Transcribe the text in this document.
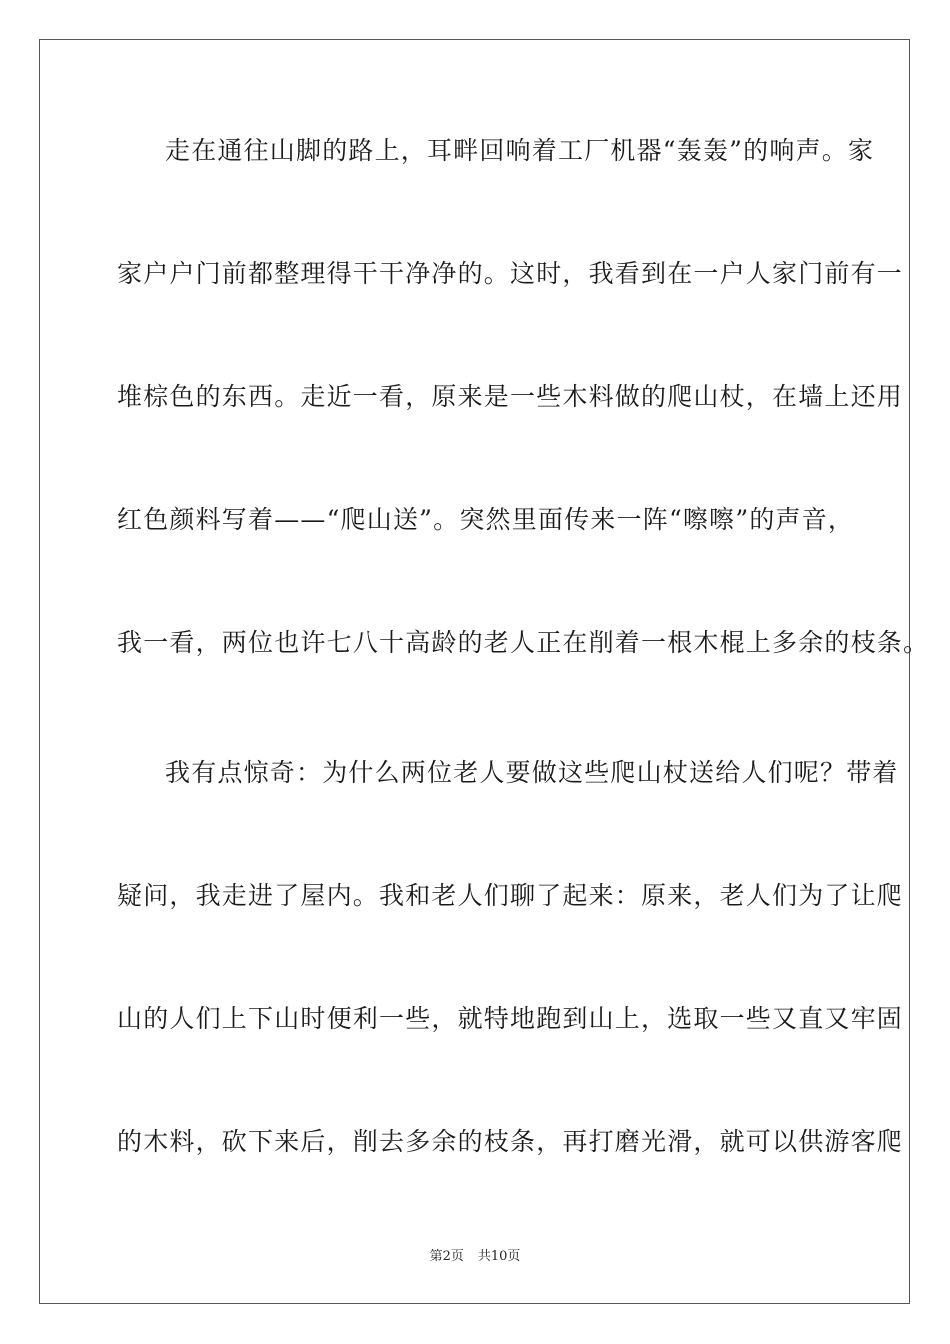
走在通往山脚的路上，耳畔回响着工厂机器“轰轰”的响声。家
家户户门前都整理得干干净净的。这时，我看到在一户人家门前有一
堆棕色的东西。走近一看，原来是一些木料做的爬山杖，在墙上还用
红色颜料写着——“爬山送”。突然里面传来一阵“嚓嚓”的声音，
我一看，两位也许七八十高龄的老人正在削着一根木棍上多余的枝条。
我有点惊奇：为什么两位老人要做这些爬山杖送给人们呢？带着
疑问，我走进了屋内。我和老人们聊了起来：原来，老人们为了让爬
山的人们上下山时便利一些，就特地跑到山上，选取一些又直又牢固
的木料，砍下来后，削去多余的枝条，再打磨光滑，就可以供游客爬
第2页 共10页
